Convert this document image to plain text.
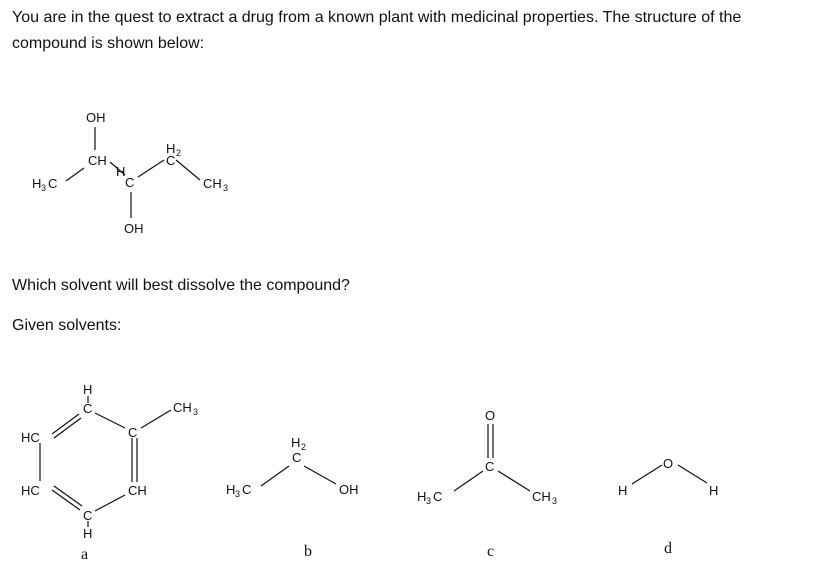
You are in the quest to extract a drug from a known plant with medicinal properties. The structure of the compound is shown below:
Which solvent will best dissolve the compound?
Given solvents:
OH
CH
H
C
H 2
C
H 3 C	CH 3
OH
H
C
HC
HC
C
CH
C
H
CH 3
a
H 3 C
H 2
C
OH
b
O
C
H 3 C	CH 3
c
H
O
H
d
